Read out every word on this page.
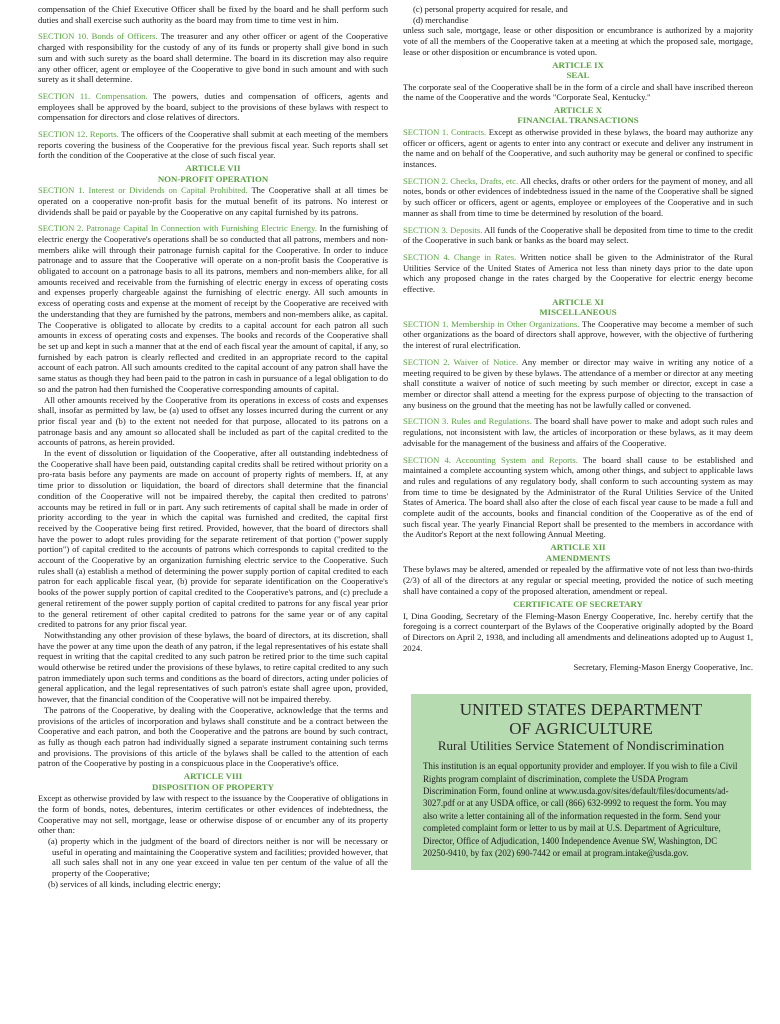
compensation of the Chief Executive Officer shall be fixed by the board and he shall perform such duties and shall exercise such authority as the board may from time to time vest in him.

SECTION 10. Bonds of Officers. The treasurer and any other officer or agent of the Cooperative charged with responsibility for the custody of any of its funds or property shall give bond in such sum and with such surety as the board shall determine. The board in its discretion may also require any other officer, agent or employee of the Cooperative to give bond in such amount and with such surety as it shall determine.

SECTION 11. Compensation. The powers, duties and compensation of officers, agents and employees shall be approved by the board, subject to the provisions of these bylaws with respect to compensation for directors and close relatives of directors.

SECTION 12. Reports. The officers of the Cooperative shall submit at each meeting of the members reports covering the business of the Cooperative for the previous fiscal year. Such reports shall set forth the condition of the Cooperative at the close of such fiscal year.

ARTICLE VII
NON-PROFIT OPERATION

SECTION 1. Interest or Dividends on Capital Prohibited. The Cooperative shall at all times be operated on a cooperative non-profit basis for the mutual benefit of its patrons. No interest or dividends shall be paid or payable by the Cooperative on any capital furnished by its patrons.

SECTION 2. Patronage Capital In Connection with Furnishing Electric Energy. In the furnishing of electric energy the Cooperative's operations shall be so conducted that all patrons, members and non-members alike will through their patronage furnish capital for the Cooperative. In order to induce patronage and to assure that the Cooperative will operate on a non-profit basis the Cooperative is obligated to account on a patronage basis to all its patrons, members and non-members alike, for all amounts received and receivable from the furnishing of electric energy in excess of operating costs and expenses properly chargeable against the furnishing of electric energy. All such amounts in excess of operating costs and expense at the moment of receipt by the Cooperative are received with the understanding that they are furnished by the patrons, members and non-members alike, as capital. The Cooperative is obligated to allocate by credits to a capital account for each patron all such amounts in excess of operating costs and expenses. The books and records of the Cooperative shall be set up and kept in such a manner that at the end of each fiscal year the amount of capital, if any, so furnished by each patron is clearly reflected and credited in an appropriate record to the capital account of each patron. All such amounts credited to the capital account of any patron shall have the same status as though they had been paid to the patron in cash in pursuance of a legal obligation to do so and the patron had then furnished the Cooperative corresponding amounts of capital.

All other amounts received by the Cooperative from its operations in excess of costs and expenses shall, insofar as permitted by law, be (a) used to offset any losses incurred during the current or any prior fiscal year and (b) to the extent not needed for that purpose, allocated to its patrons on a patronage basis and any amount so allocated shall be included as part of the capital credited to the accounts of patrons, as herein provided.

In the event of dissolution or liquidation of the Cooperative, after all outstanding indebtedness of the Cooperative shall have been paid, outstanding capital credits shall be retired without priority on a pro-rata basis before any payments are made on account of property rights of members. If, at any time prior to dissolution or liquidation, the board of directors shall determine that the financial condition of the Cooperative will not be impaired thereby, the capital then credited to patrons' accounts may be retired in full or in part. Any such retirements of capital shall be made in order of priority according to the year in which the capital was furnished and credited, the capital first received by the Cooperative being first retired. Provided, however, that the board of directors shall have the power to adopt rules providing for the separate retirement of that portion ("power supply portion") of capital credited to the accounts of patrons which corresponds to capital credited to the account of the Cooperative by an organization furnishing electric service to the Cooperative. Such rules shall (a) establish a method of determining the power supply portion of capital credited to each patron for each applicable fiscal year, (b) provide for separate identification on the Cooperative's books of the power supply portion of capital credited to the Cooperative's patrons, and (c) preclude a general retirement of the power supply portion of capital credited to patrons for any fiscal year prior to the general retirement of other capital credited to patrons for the same year or of any capital credited to patrons for any prior fiscal year.

Notwithstanding any other provision of these bylaws, the board of directors, at its discretion, shall have the power at any time upon the death of any patron, if the legal representatives of his estate shall request in writing that the capital credited to any such patron be retired prior to the time such capital would otherwise be retired under the provisions of these bylaws, to retire capital credited to any such patron immediately upon such terms and conditions as the board of directors, acting under policies of general application, and the legal representatives of such patron's estate shall agree upon, provided, however, that the financial condition of the Cooperative will not be impaired thereby.

The patrons of the Cooperative, by dealing with the Cooperative, acknowledge that the terms and provisions of the articles of incorporation and bylaws shall constitute and be a contract between the Cooperative and each patron, and both the Cooperative and the patrons are bound by such contract, as fully as though each patron had individually signed a separate instrument containing such terms and provisions. The provisions of this article of the bylaws shall be called to the attention of each patron of the Cooperative by posting in a conspicuous place in the Cooperative's office.

ARTICLE VIII
DISPOSITION OF PROPERTY

Except as otherwise provided by law with respect to the issuance by the Cooperative of obligations in the form of bonds, notes, debentures, interim certificates or other evidences of indebtedness, the Cooperative may not sell, mortgage, lease or otherwise dispose of or encumber any of its property other than:

(a) property which in the judgment of the board of directors neither is nor will be necessary or useful in operating and maintaining the Cooperative system and facilities; provided however, that all such sales shall not in any one year exceed in value ten per centum of the value of all the property of the Cooperative;
(b) services of all kinds, including electric energy;
(c) personal property acquired for resale, and
(d) merchandise

unless such sale, mortgage, lease or other disposition or encumbrance is authorized by a majority vote of all the members of the Cooperative taken at a meeting at which the proposed sale, mortgage, lease or other disposition or encumbrance is voted upon.

ARTICLE IX
SEAL

The corporate seal of the Cooperative shall be in the form of a circle and shall have inscribed thereon the name of the Cooperative and the words "Corporate Seal, Kentucky."

ARTICLE X
FINANCIAL TRANSACTIONS

SECTION 1. Contracts. Except as otherwise provided in these bylaws, the board may authorize any officer or officers, agent or agents to enter into any contract or execute and deliver any instrument in the name and on behalf of the Cooperative, and such authority may be general or confined to specific instances.

SECTION 2. Checks, Drafts, etc. All checks, drafts or other orders for the payment of money, and all notes, bonds or other evidences of indebtedness issued in the name of the Cooperative shall be signed by such officer or officers, agent or agents, employee or employees of the Cooperative and in such manner as shall from time to time be determined by resolution of the board.

SECTION 3. Deposits. All funds of the Cooperative shall be deposited from time to time to the credit of the Cooperative in such bank or banks as the board may select.

SECTION 4. Change in Rates. Written notice shall be given to the Administrator of the Rural Utilities Service of the United States of America not less than ninety days prior to the date upon which any proposed change in the rates charged by the Cooperative for electric energy become effective.

ARTICLE XI
MISCELLANEOUS

SECTION 1. Membership in Other Organizations. The Cooperative may become a member of such other organizations as the board of directors shall approve, however, with the objective of furthering the interest of rural electrification.

SECTION 2. Waiver of Notice. Any member or director may waive in writing any notice of a meeting required to be given by these bylaws. The attendance of a member or director at any meeting shall constitute a waiver of notice of such meeting by such member or director, except in case a member or director shall attend a meeting for the express purpose of objecting to the transaction of any business on the ground that the meeting has not be lawfully called or convened.

SECTION 3. Rules and Regulations. The board shall have power to make and adopt such rules and regulations, not inconsistent with law, the articles of incorporation or these bylaws, as it may deem advisable for the management of the business and affairs of the Cooperative.

SECTION 4. Accounting System and Reports. The board shall cause to be established and maintained a complete accounting system which, among other things, and subject to applicable laws and rules and regulations of any regulatory body, shall conform to such accounting system as may from time to time be designated by the Administrator of the Rural Utilities Service of the United States of America. The board shall also after the close of each fiscal year cause to be made a full and complete audit of the accounts, books and financial condition of the Cooperative as of the end of such fiscal year. The yearly Financial Report shall be presented to the members in accordance with the Auditor's Report at the next following Annual Meeting.

ARTICLE XII
AMENDMENTS

These bylaws may be altered, amended or repealed by the affirmative vote of not less than two-thirds (2/3) of all of the directors at any regular or special meeting, provided the notice of such meeting shall have contained a copy of the proposed alteration, amendment or repeal.

CERTIFICATE OF SECRETARY

I, Dina Gooding, Secretary of the Fleming-Mason Energy Cooperative, Inc. hereby certify that the foregoing is a correct counterpart of the Bylaws of the Cooperative originally adopted by the Board of Directors on April 2, 1938, and including all amendments and delineations adopted up to August 1, 2024.

Secretary, Fleming-Mason Energy Cooperative, Inc.

UNITED STATES DEPARTMENT
OF AGRICULTURE
Rural Utilities Service Statement of Nondiscrimination

This institution is an equal opportunity provider and employer. If you wish to file a Civil Rights program complaint of discrimination, complete the USDA Program Discrimination Form, found online at www.usda.gov/sites/default/files/documents/ad-3027.pdf or at any USDA office, or call (866) 632-9992 to request the form. You may also write a letter containing all of the information requested in the form. Send your completed complaint form or letter to us by mail at U.S. Department of Agriculture, Director, Office of Adjudication, 1400 Independence Avenue SW, Washington, DC 20250-9410, by fax (202) 690-7442 or email at program.intake@usda.gov.
